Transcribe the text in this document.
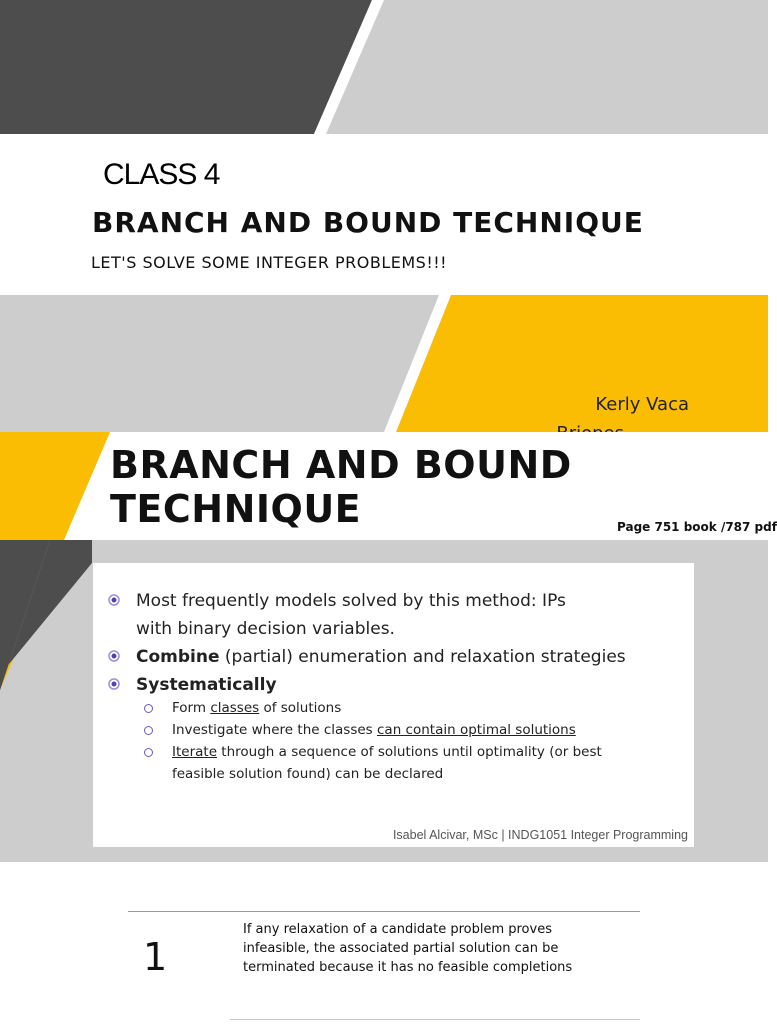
CLASS 4
BRANCH AND BOUND TECHNIQUE
LET'S SOLVE SOME INTEGER PROBLEMS!!!
Kerly Vaca
BRANCH AND BOUND
TECHNIQUE	Page 751 book /787 pdf
Most frequently models solved by this method: IPs with binary decision variables.
Combine (partial) enumeration and relaxation strategies
Systematically
Form classes of solutions
Investigate where the classes can contain optimal solutions
Iterate through a sequence of solutions until optimality (or best feasible solution found) can be declared
Isabel Alcivar, MSc | INDG1051 Integer Programming
1
If any relaxation of a candidate problem proves infeasible, the associated partial solution can be terminated because it has no feasible completions
